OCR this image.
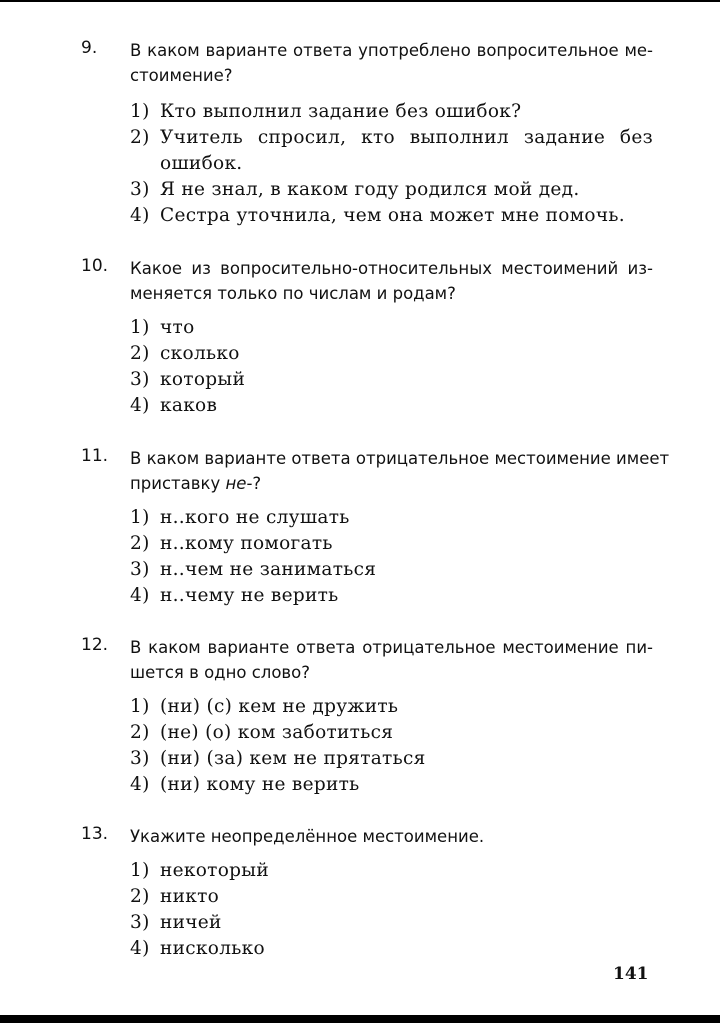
9. В каком варианте ответа употреблено вопросительное ме-
стоимение?
1) Кто выполнил задание без ошибок?
2) Учитель спросил, кто выполнил задание без
ошибок.
3) Я не знал, в каком году родился мой дед.
4) Сестра уточнила, чем она может мне помочь.
10. Какое из вопросительно-относительных местоимений из-
меняется только по числам и родам?
1) что
2) сколько
3) который
4) каков
11. В каком варианте ответа отрицательное местоимение имеет
приставку не-?
1) н..кого не слушать
2) н..кому помогать
3) н..чем не заниматься
4) н..чему не верить
12. В каком варианте ответа отрицательное местоимение пи-
шется в одно слово?
1) (ни) (с) кем не дружить
2) (не) (о) ком заботиться
3) (ни) (за) кем не прятаться
4) (ни) кому не верить
13. Укажите неопределённое местоимение.
1) некоторый
2) никто
3) ничей
4) нисколько
141
